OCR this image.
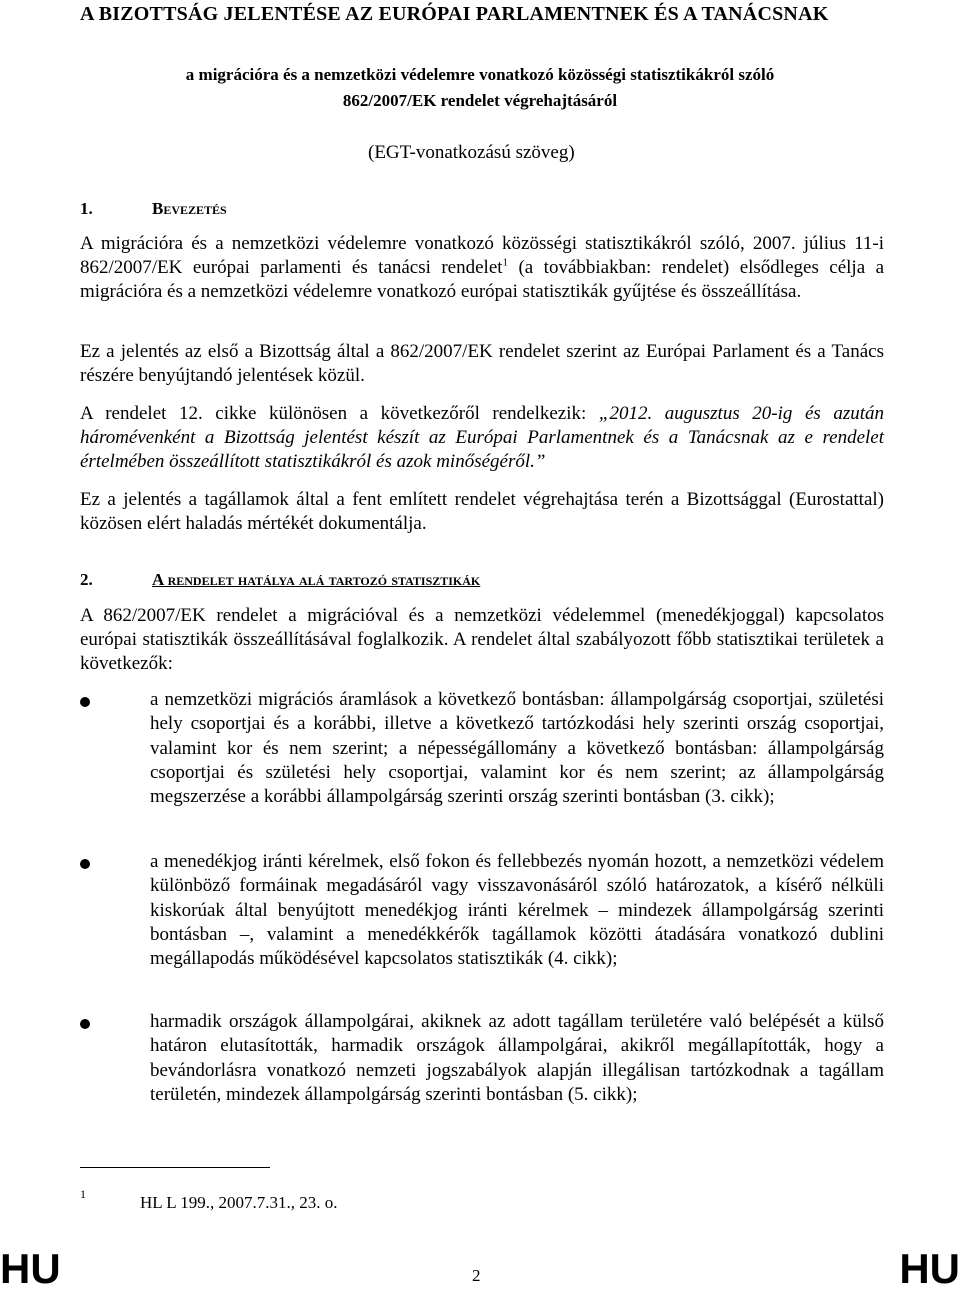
A BIZOTTSÁG JELENTÉSE AZ EURÓPAI PARLAMENTNEK ÉS A TANÁCSNAK
a migrációra és a nemzetközi védelemre vonatkozó közösségi statisztikákról szóló
862/2007/EK rendelet végrehajtásáról
(EGT-vonatkozású szöveg)
1.	Bevezetés
A migrációra és a nemzetközi védelemre vonatkozó közösségi statisztikákról szóló, 2007. július 11-i 862/2007/EK európai parlamenti és tanácsi rendelet$^1$ (a továbbiakban: rendelet) elsődleges célja a migrációra és a nemzetközi védelemre vonatkozó európai statisztikák gyűjtése és összeállítása.
Ez a jelentés az első a Bizottság által a 862/2007/EK rendelet szerint az Európai Parlament és a Tanács részére benyújtandó jelentések közül.
A rendelet 12. cikke különösen a következőről rendelkezik: „2012. augusztus 20-ig és azután háromévenként a Bizottság jelentést készít az Európai Parlamentnek és a Tanácsnak az e rendelet értelmében összeállított statisztikákról és azok minőségéről.”
Ez a jelentés a tagállamok által a fent említett rendelet végrehajtása terén a Bizottsággal (Eurostattal) közösen elért haladás mértékét dokumentálja.
2.	A rendelet hatálya alá tartozó statisztikák
A 862/2007/EK rendelet a migrációval és a nemzetközi védelemmel (menedékjoggal) kapcsolatos európai statisztikák összeállításával foglalkozik. A rendelet által szabályozott főbb statisztikai területek a következők:
a nemzetközi migrációs áramlások a következő bontásban: állampolgárság csoportjai, születési hely csoportjai és a korábbi, illetve a következő tartózkodási hely szerinti ország csoportjai, valamint kor és nem szerint; a népességállomány a következő bontásban: állampolgárság csoportjai és születési hely csoportjai, valamint kor és nem szerint; az állampolgárság megszerzése a korábbi állampolgárság szerinti ország szerinti bontásban (3. cikk);
a menedékjog iránti kérelmek, első fokon és fellebbezés nyomán hozott, a nemzetközi védelem különböző formáinak megadásáról vagy visszavonásáról szóló határozatok, a kísérő nélküli kiskorúak által benyújtott menedékjog iránti kérelmek – mindezek állampolgárság szerinti bontásban –, valamint a menedékkérők tagállamok közötti átadására vonatkozó dublini megállapodás működésével kapcsolatos statisztikák (4. cikk);
harmadik országok állampolgárai, akiknek az adott tagállam területére való belépését a külső határon elutasították, harmadik országok állampolgárai, akikről megállapították, hogy a bevándorlásra vonatkozó nemzeti jogszabályok alapján illegálisan tartózkodnak a tagállam területén, mindezek állampolgárság szerinti bontásban (5. cikk);
1	HL L 199., 2007.7.31., 23. o.
HU	2	HU
